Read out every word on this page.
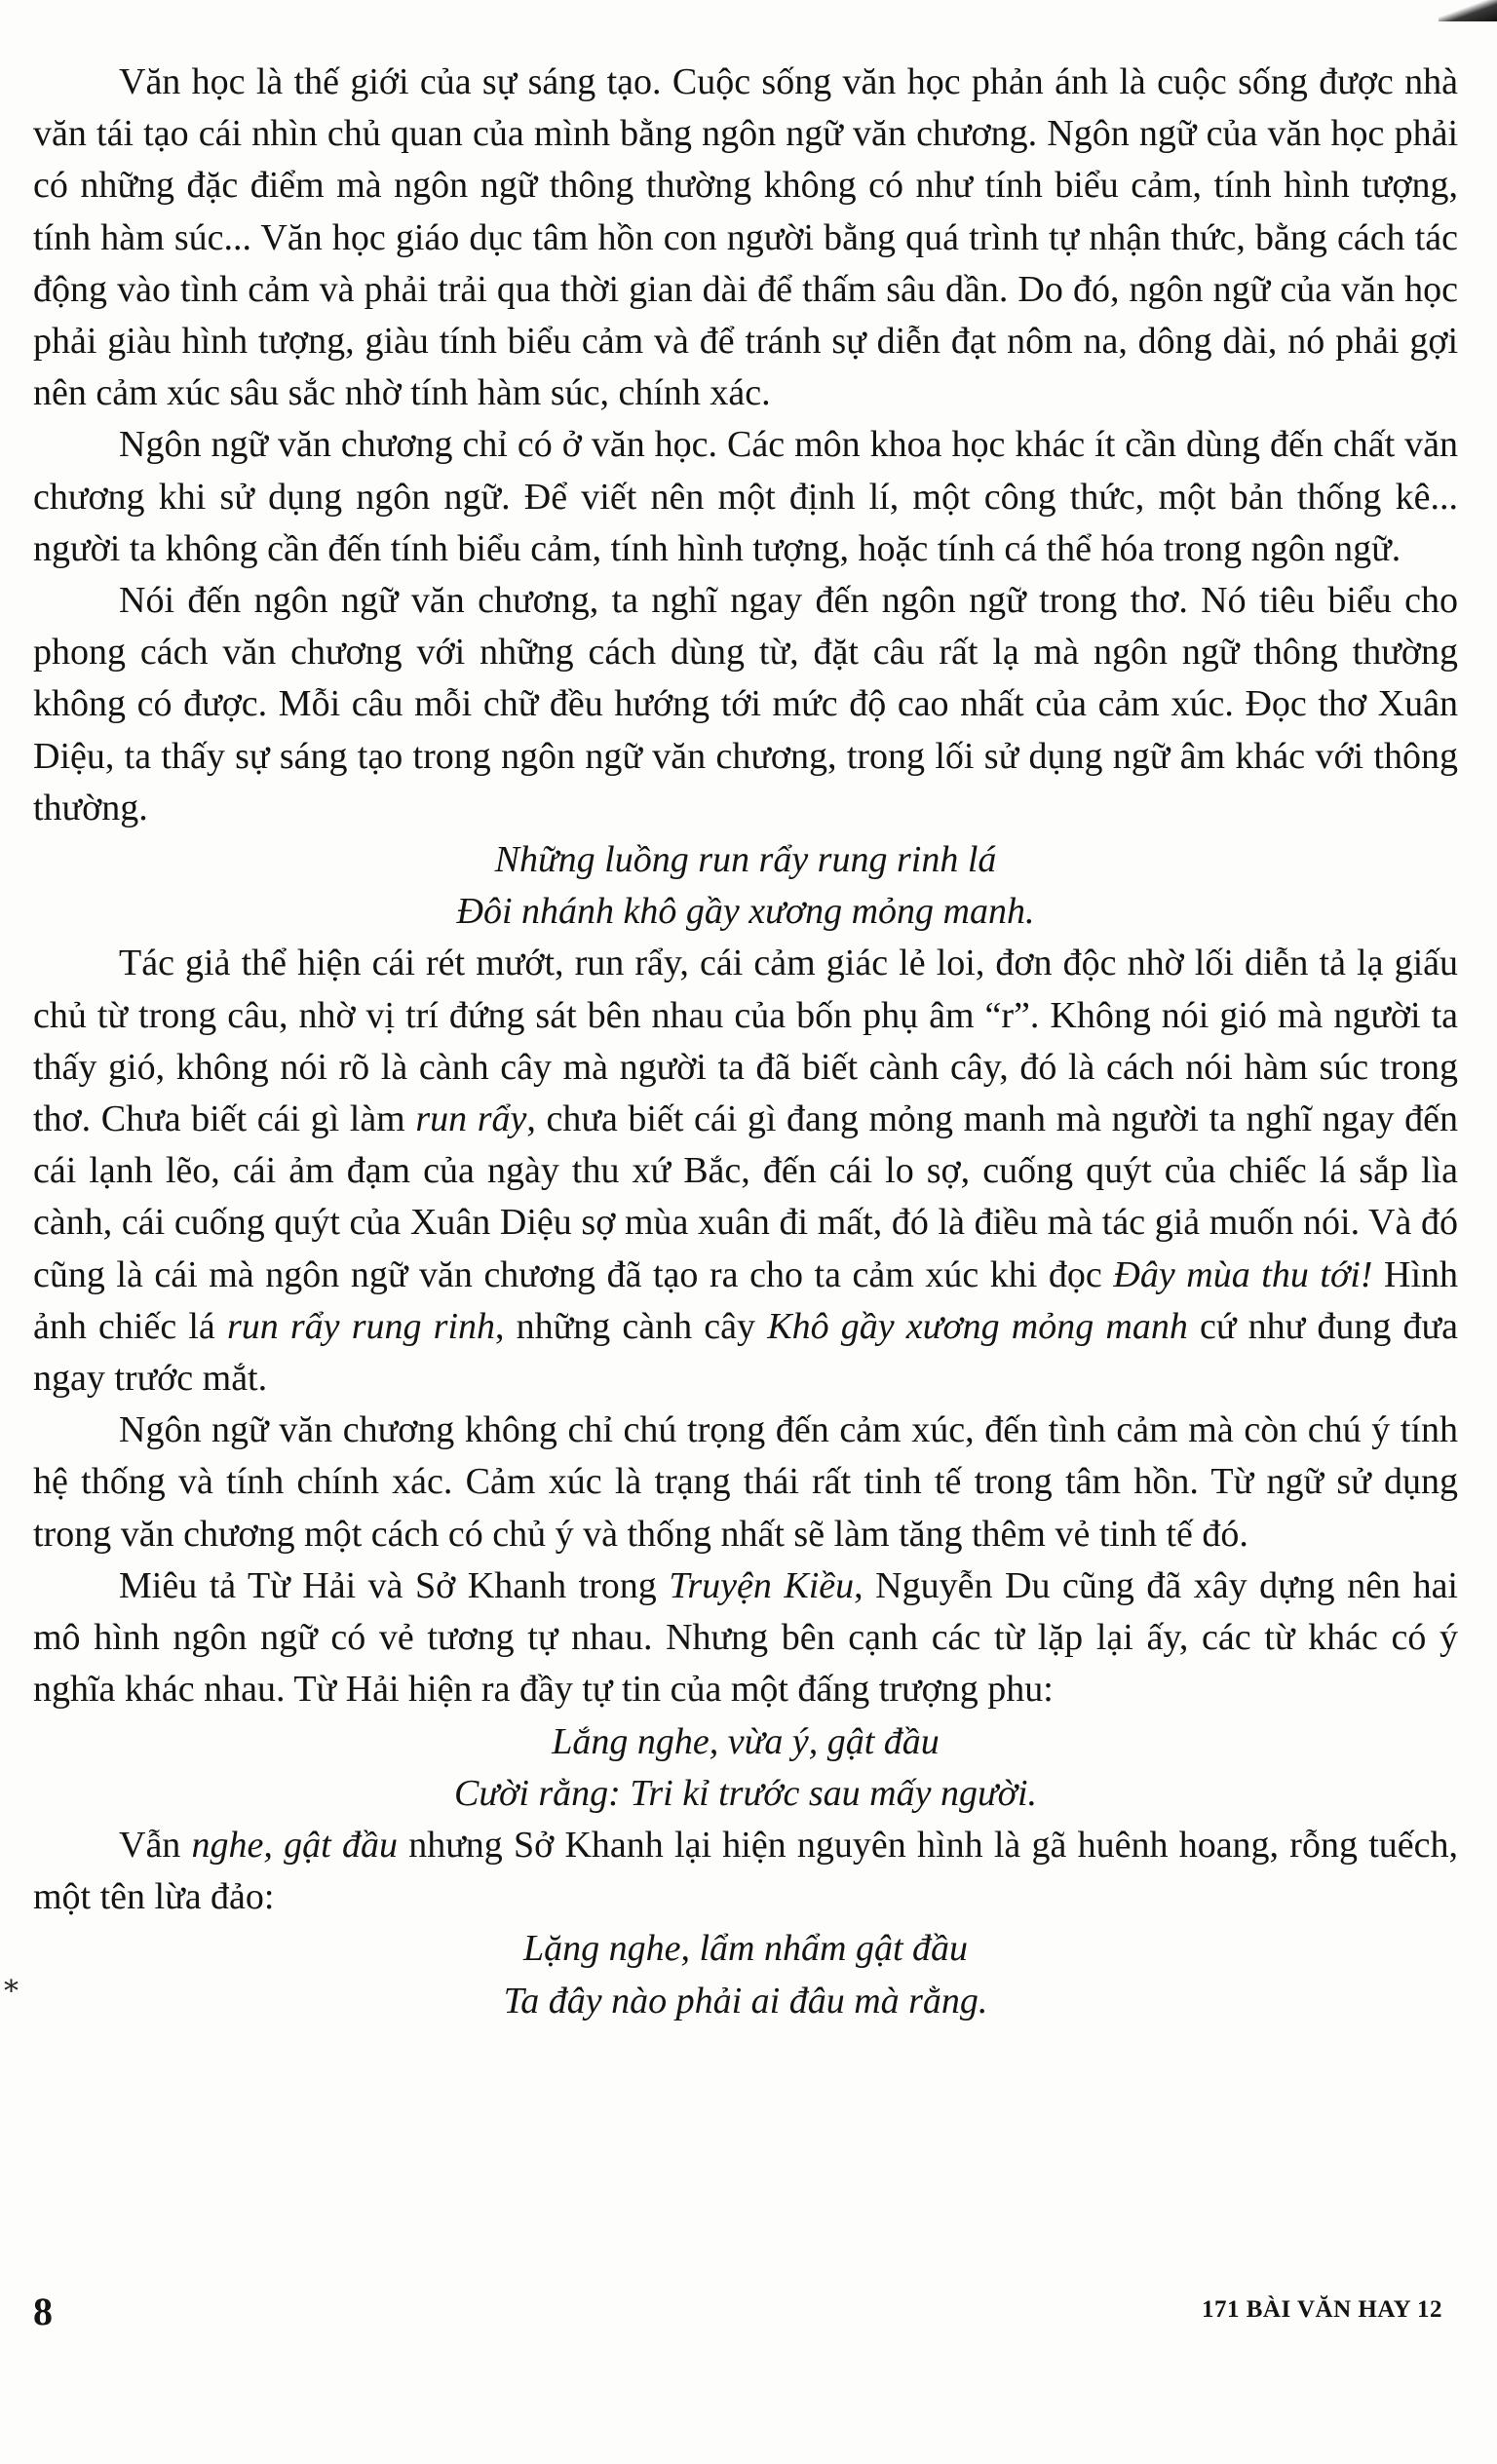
⁎

Văn học là thế giới của sự sáng tạo. Cuộc sống văn học phản ánh là cuộc sống được nhà văn tái tạo cái nhìn chủ quan của mình bằng ngôn ngữ văn chương. Ngôn ngữ của văn học phải có những đặc điểm mà ngôn ngữ thông thường không có như tính biểu cảm, tính hình tượng, tính hàm súc... Văn học giáo dục tâm hồn con người bằng quá trình tự nhận thức, bằng cách tác động vào tình cảm và phải trải qua thời gian dài để thấm sâu dần. Do đó, ngôn ngữ của văn học phải giàu hình tượng, giàu tính biểu cảm và để tránh sự diễn đạt nôm na, dông dài, nó phải gợi nên cảm xúc sâu sắc nhờ tính hàm súc, chính xác.

Ngôn ngữ văn chương chỉ có ở văn học. Các môn khoa học khác ít cần dùng đến chất văn chương khi sử dụng ngôn ngữ. Để viết nên một định lí, một công thức, một bản thống kê... người ta không cần đến tính biểu cảm, tính hình tượng, hoặc tính cá thể hóa trong ngôn ngữ.

Nói đến ngôn ngữ văn chương, ta nghĩ ngay đến ngôn ngữ trong thơ. Nó tiêu biểu cho phong cách văn chương với những cách dùng từ, đặt câu rất lạ mà ngôn ngữ thông thường không có được. Mỗi câu mỗi chữ đều hướng tới mức độ cao nhất của cảm xúc. Đọc thơ Xuân Diệu, ta thấy sự sáng tạo trong ngôn ngữ văn chương, trong lối sử dụng ngữ âm khác với thông thường.

Những luồng run rẩy rung rinh lá
Đôi nhánh khô gầy xương mỏng manh.

Tác giả thể hiện cái rét mướt, run rẩy, cái cảm giác lẻ loi, đơn độc nhờ lối diễn tả lạ giấu chủ từ trong câu, nhờ vị trí đứng sát bên nhau của bốn phụ âm “r”. Không nói gió mà người ta thấy gió, không nói rõ là cành cây mà người ta đã biết cành cây, đó là cách nói hàm súc trong thơ. Chưa biết cái gì làm run rẩy, chưa biết cái gì đang mỏng manh mà người ta nghĩ ngay đến cái lạnh lẽo, cái ảm đạm của ngày thu xứ Bắc, đến cái lo sợ, cuống quýt của chiếc lá sắp lìa cành, cái cuống quýt của Xuân Diệu sợ mùa xuân đi mất, đó là điều mà tác giả muốn nói. Và đó cũng là cái mà ngôn ngữ văn chương đã tạo ra cho ta cảm xúc khi đọc Đây mùa thu tới! Hình ảnh chiếc lá run rẩy rung rinh, những cành cây Khô gầy xương mỏng manh cứ như đung đưa ngay trước mắt.

Ngôn ngữ văn chương không chỉ chú trọng đến cảm xúc, đến tình cảm mà còn chú ý tính hệ thống và tính chính xác. Cảm xúc là trạng thái rất tinh tế trong tâm hồn. Từ ngữ sử dụng trong văn chương một cách có chủ ý và thống nhất sẽ làm tăng thêm vẻ tinh tế đó.

Miêu tả Từ Hải và Sở Khanh trong Truyện Kiều, Nguyễn Du cũng đã xây dựng nên hai mô hình ngôn ngữ có vẻ tương tự nhau. Nhưng bên cạnh các từ lặp lại ấy, các từ khác có ý nghĩa khác nhau. Từ Hải hiện ra đầy tự tin của một đấng trượng phu:

Lắng nghe, vừa ý, gật đầu
Cười rằng: Tri kỉ trước sau mấy người.

Vẫn nghe, gật đầu nhưng Sở Khanh lại hiện nguyên hình là gã huênh hoang, rỗng tuếch, một tên lừa đảo:

Lặng nghe, lẩm nhẩm gật đầu
Ta đây nào phải ai đâu mà rằng.

8	171 BÀI VĂN HAY 12
